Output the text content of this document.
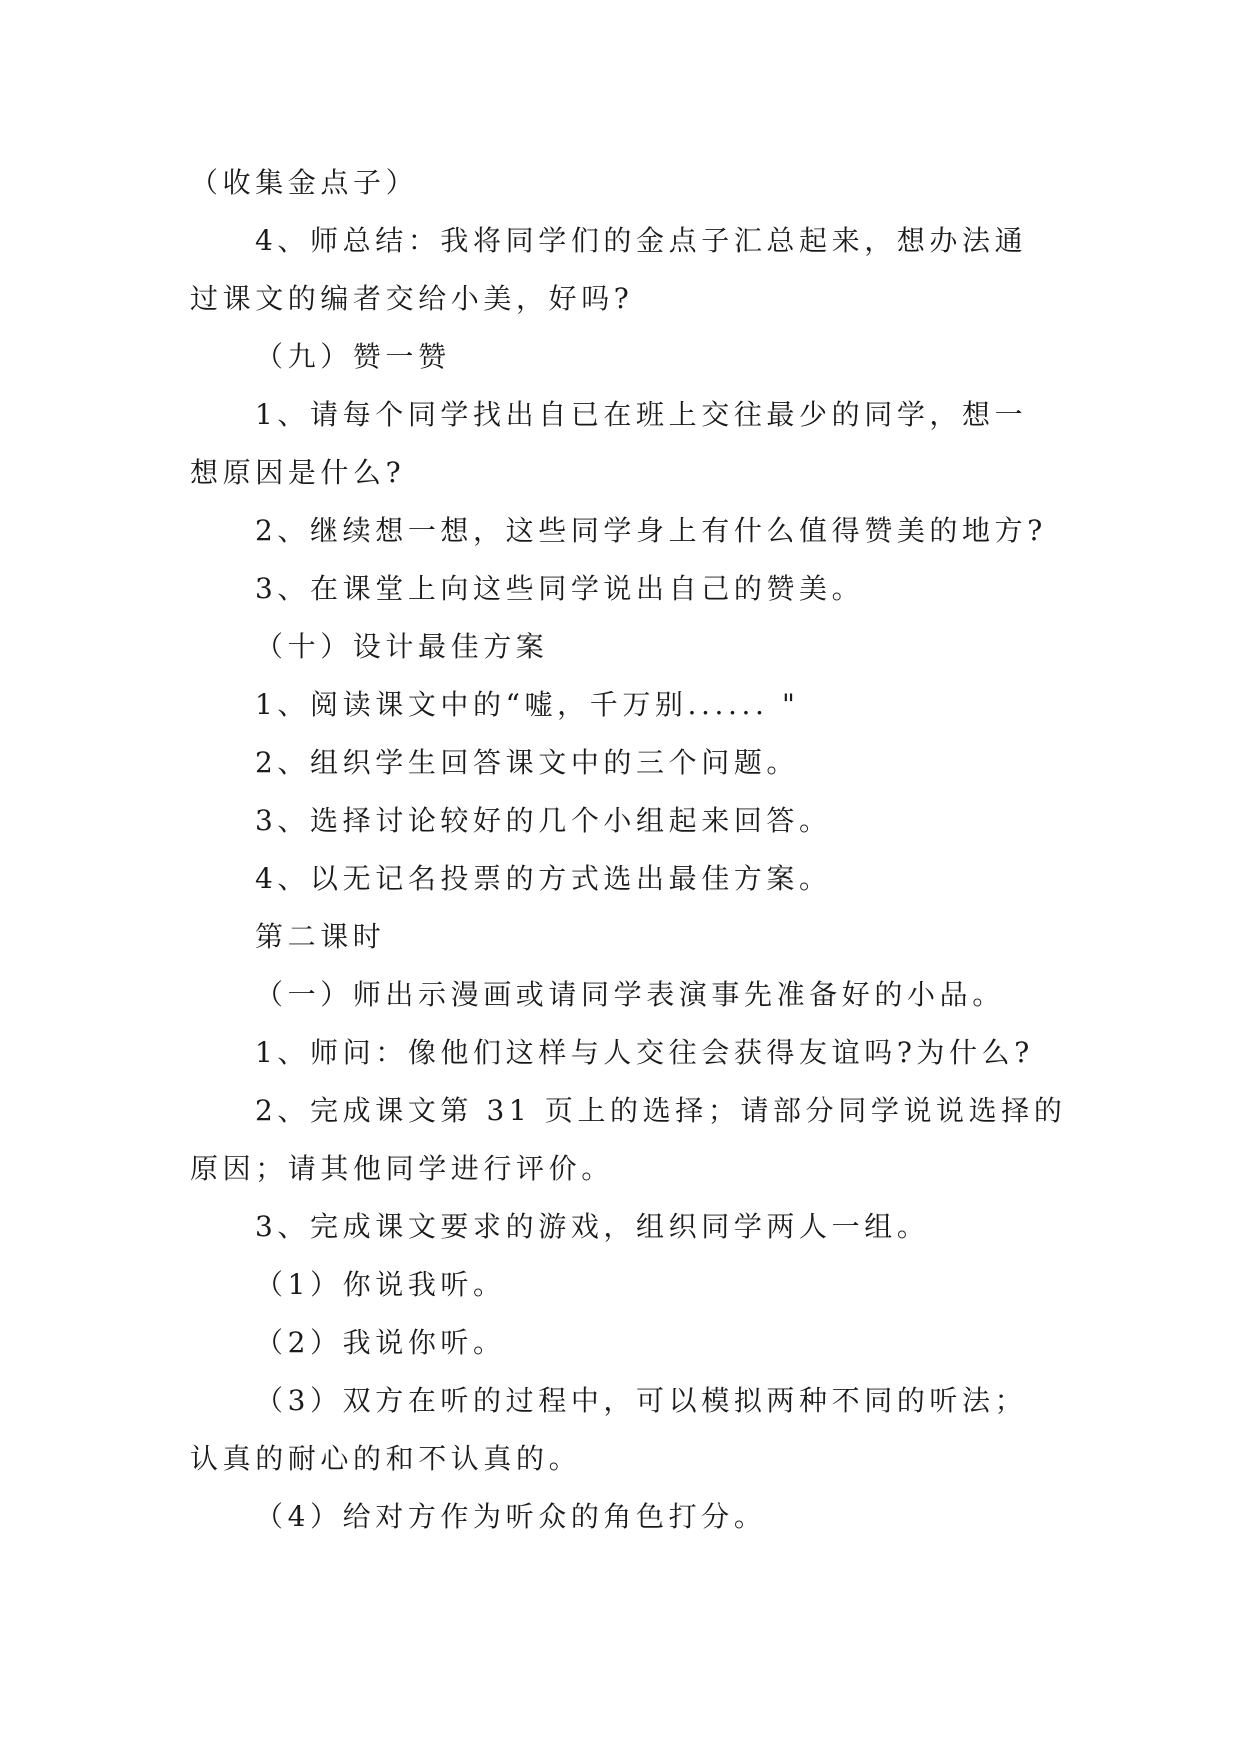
（收集金点子）
4、师总结：我将同学们的金点子汇总起来，想办法通
过课文的编者交给小美，好吗?
（九）赞一赞
1、请每个同学找出自已在班上交往最少的同学，想一
想原因是什么?
2、继续想一想，这些同学身上有什么值得赞美的地方?
3、在课堂上向这些同学说出自己的赞美。
（十）设计最佳方案
1、阅读课文中的“嘘，千万别...... "
2、组织学生回答课文中的三个问题。
3、选择讨论较好的几个小组起来回答。
4、以无记名投票的方式选出最佳方案。
第二课时
（一）师出示漫画或请同学表演事先准备好的小品。
1、师问：像他们这样与人交往会获得友谊吗?为什么?
2、完成课文第 31 页上的选择；请部分同学说说选择的
原因；请其他同学进行评价。
3、完成课文要求的游戏，组织同学两人一组。
（1）你说我听。
（2）我说你听。
（3）双方在听的过程中，可以模拟两种不同的听法；
认真的耐心的和不认真的。
（4）给对方作为听众的角色打分。
